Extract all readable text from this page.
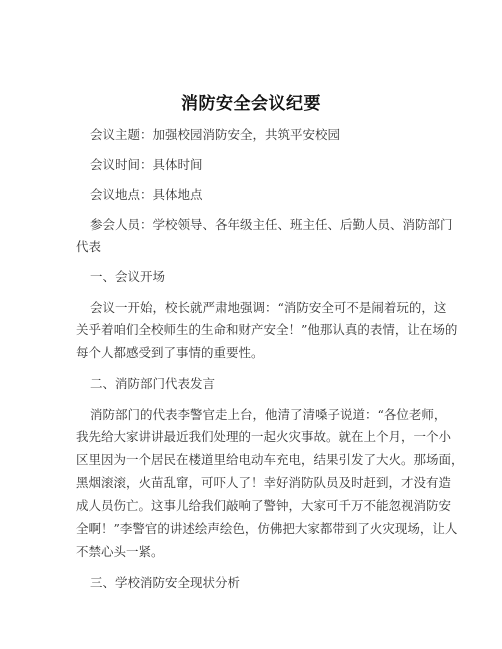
消防安全会议纪要
会议主题：加强校园消防安全，共筑平安校园
会议时间：具体时间
会议地点：具体地点
参会人员：学校领导、各年级主任、班主任、后勤人员、消防部门
代表
一、会议开场
会议一开始，校长就严肃地强调：“消防安全可不是闹着玩的，这
关乎着咱们全校师生的生命和财产安全！”他那认真的表情，让在场的
每个人都感受到了事情的重要性。
二、消防部门代表发言
消防部门的代表李警官走上台，他清了清嗓子说道：“各位老师，
我先给大家讲讲最近我们处理的一起火灾事故。就在上个月，一个小
区里因为一个居民在楼道里给电动车充电，结果引发了大火。那场面，
黑烟滚滚，火苗乱窜，可吓人了！幸好消防队员及时赶到，才没有造
成人员伤亡。这事儿给我们敲响了警钟，大家可千万不能忽视消防安
全啊！”李警官的讲述绘声绘色，仿佛把大家都带到了火灾现场，让人
不禁心头一紧。
三、学校消防安全现状分析
